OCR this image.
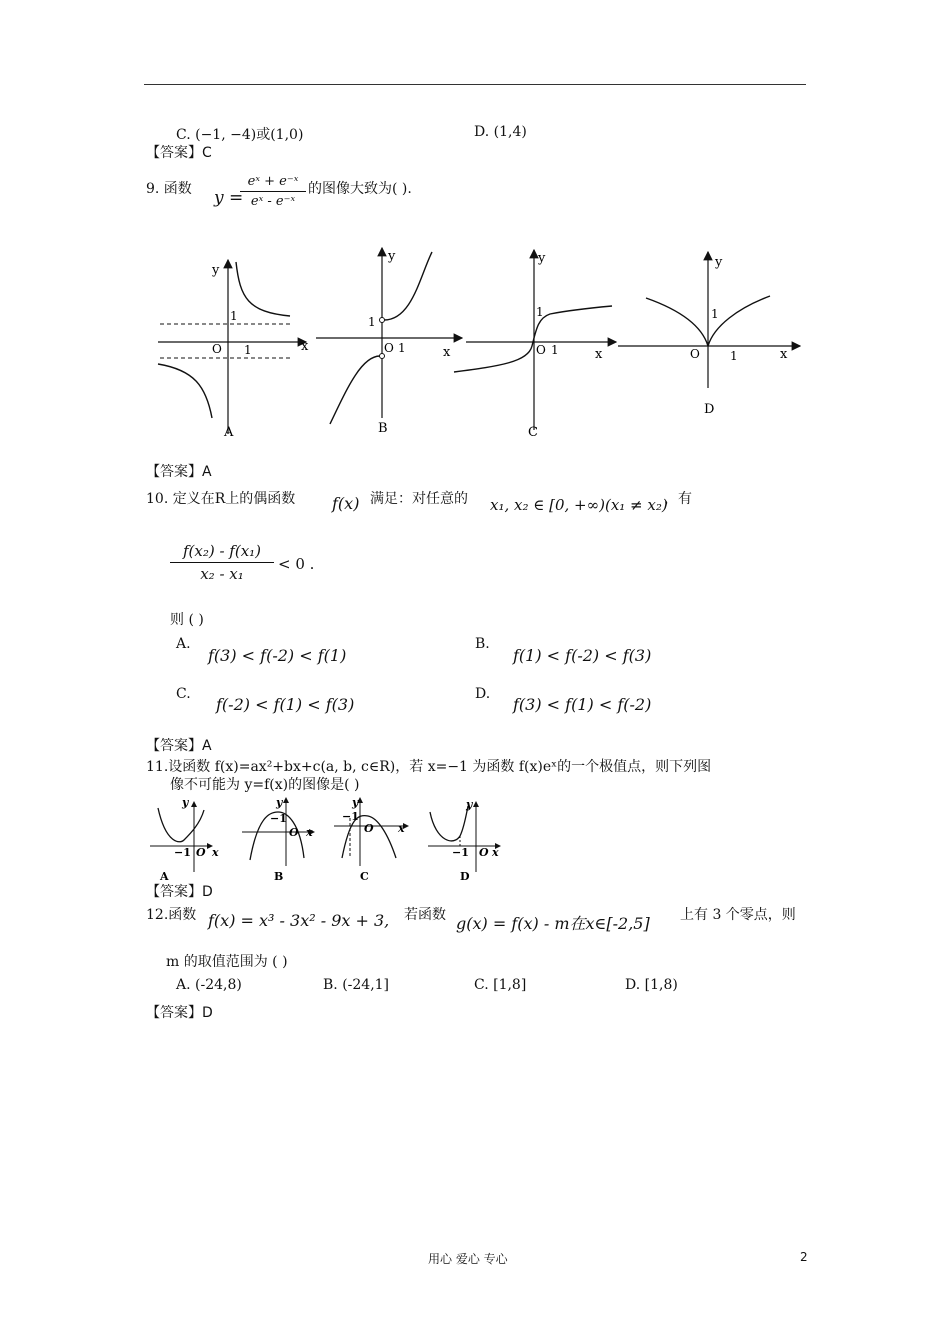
C. (−1, −4)或(1,0)	D. (1,4)
【答案】C
9. 函数 y =
eˣ + e⁻ˣ
eˣ - e⁻ˣ
的图像大致为( ).
y
x
O 1
1
A
y
x
O 1
1
B
y
x
O 1
1
C
y
x
O	1
1
D
【答案】A
10. 定义在R上的偶函数 f(x) 满足：对任意的 x₁, x₂ ∈ [0, +∞)(x₁ ≠ x₂)
，有
f(x₂) - f(x₁)
x₂ - x₁
< 0 .
则 ( )
A.
f(3) < f(-2) < f(1)
B.
f(1) < f(-2) < f(3)
C.
f(-2) < f(1) < f(3)
D.
f(3) < f(1) < f(-2)
【答案】A
11.设函数 f(x)=ax²+bx+c(a, b, c∈R)，若 x=−1 为函数 f(x)eˣ的一个极值点，则下列图
像不可能为 y=f(x)的图像是( )
y
x
O
−1
A
y
x
O
−1
B
y
x
O
−1
C
y
x
O
−1
D
【答案】D
12.函数 f(x) = x³ - 3x² - 9x + 3, 若函数 g(x) = f(x) - m在x∈[-2,5] 上有 3 个零点，则
m 的取值范围为 ( )
A. (-24,8)	B. (-24,1]	C. [1,8]	D. [1,8)
【答案】D
用心 爱心 专心	2
